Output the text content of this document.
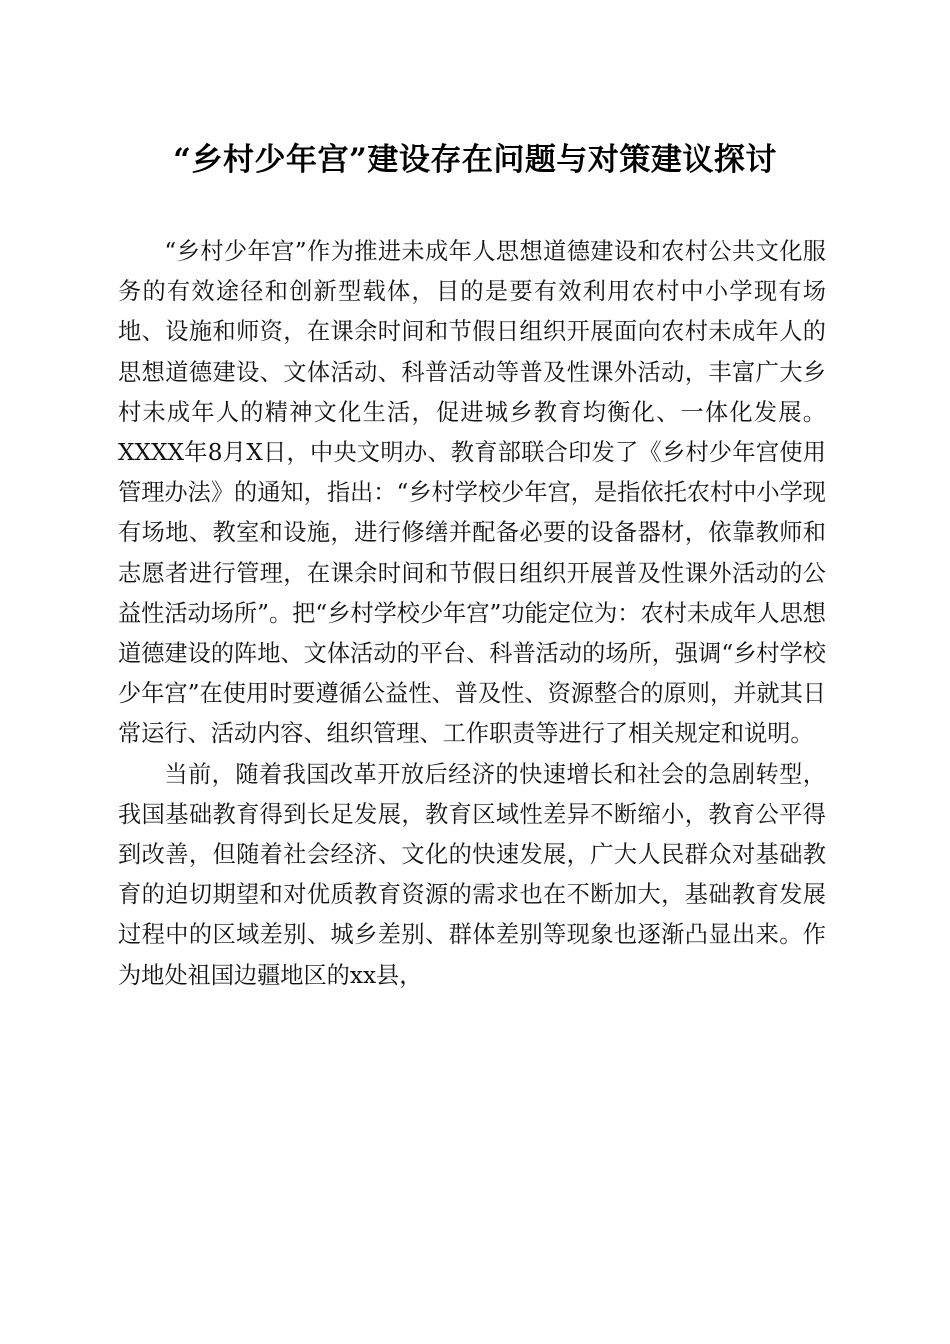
“乡村少年宫”建设存在问题与对策建议探讨

“乡村少年宫”作为推进未成年人思想道德建设和农村公共文化服务的有效途径和创新型载体，目的是要有效利用农村中小学现有场地、设施和师资，在课余时间和节假日组织开展面向农村未成年人的思想道德建设、文体活动、科普活动等普及性课外活动，丰富广大乡村未成年人的精神文化生活，促进城乡教育均衡化、一体化发展。XXXX年8月X日，中央文明办、教育部联合印发了《乡村少年宫使用管理办法》的通知，指出：“乡村学校少年宫，是指依托农村中小学现有场地、教室和设施，进行修缮并配备必要的设备器材，依靠教师和志愿者进行管理，在课余时间和节假日组织开展普及性课外活动的公益性活动场所”。把“乡村学校少年宫”功能定位为：农村未成年人思想道德建设的阵地、文体活动的平台、科普活动的场所，强调“乡村学校少年宫”在使用时要遵循公益性、普及性、资源整合的原则，并就其日常运行、活动内容、组织管理、工作职责等进行了相关规定和说明。

当前，随着我国改革开放后经济的快速增长和社会的急剧转型，我国基础教育得到长足发展，教育区域性差异不断缩小，教育公平得到改善，但随着社会经济、文化的快速发展，广大人民群众对基础教育的迫切期望和对优质教育资源的需求也在不断加大，基础教育发展过程中的区域差别、城乡差别、群体差别等现象也逐渐凸显出来。作为地处祖国边疆地区的xx县，
